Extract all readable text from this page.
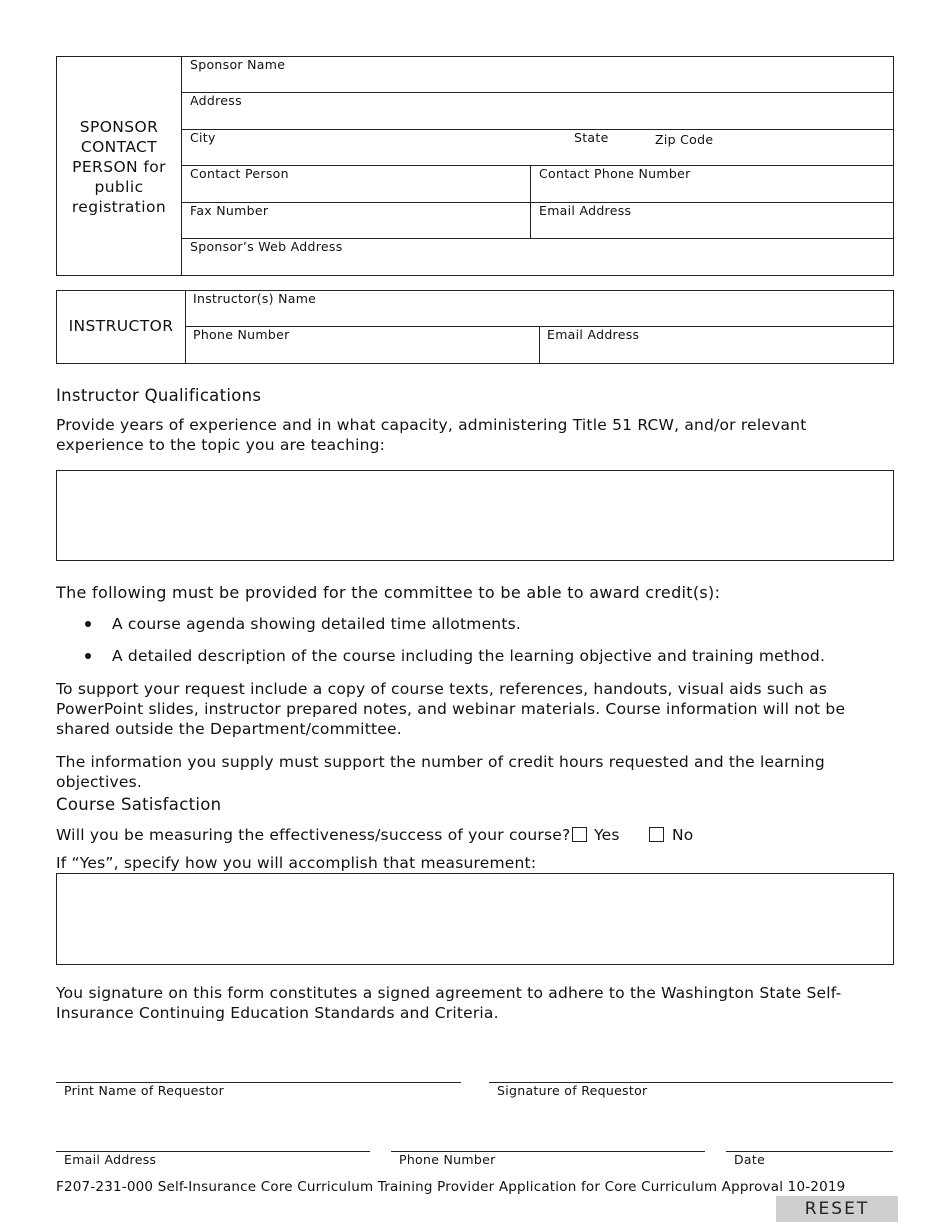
SPONSOR CONTACT PERSON for public registration
Sponsor Name
Address
City	State	Zip Code
Contact Person	Contact Phone Number
Fax Number	Email Address
Sponsor’s Web Address
INSTRUCTOR
Instructor(s) Name
Phone Number	Email Address
Instructor Qualifications
Provide years of experience and in what capacity, administering Title 51 RCW, and/or relevant experience to the topic you are teaching:
The following must be provided for the committee to be able to award credit(s):
A course agenda showing detailed time allotments.
A detailed description of the course including the learning objective and training method.
To support your request include a copy of course texts, references, handouts, visual aids such as PowerPoint slides, instructor prepared notes, and webinar materials. Course information will not be shared outside the Department/committee.
The information you supply must support the number of credit hours requested and the learning objectives.
Course Satisfaction
Will you be measuring the effectiveness/success of your course? Yes	No
If “Yes”, specify how you will accomplish that measurement:
You signature on this form constitutes a signed agreement to adhere to the Washington State Self-Insurance Continuing Education Standards and Criteria.
Print Name of Requestor	Signature of Requestor
Email Address	Phone Number	Date
F207-231-000 Self-Insurance Core Curriculum Training Provider Application for Core Curriculum Approval 10-2019
RESET
